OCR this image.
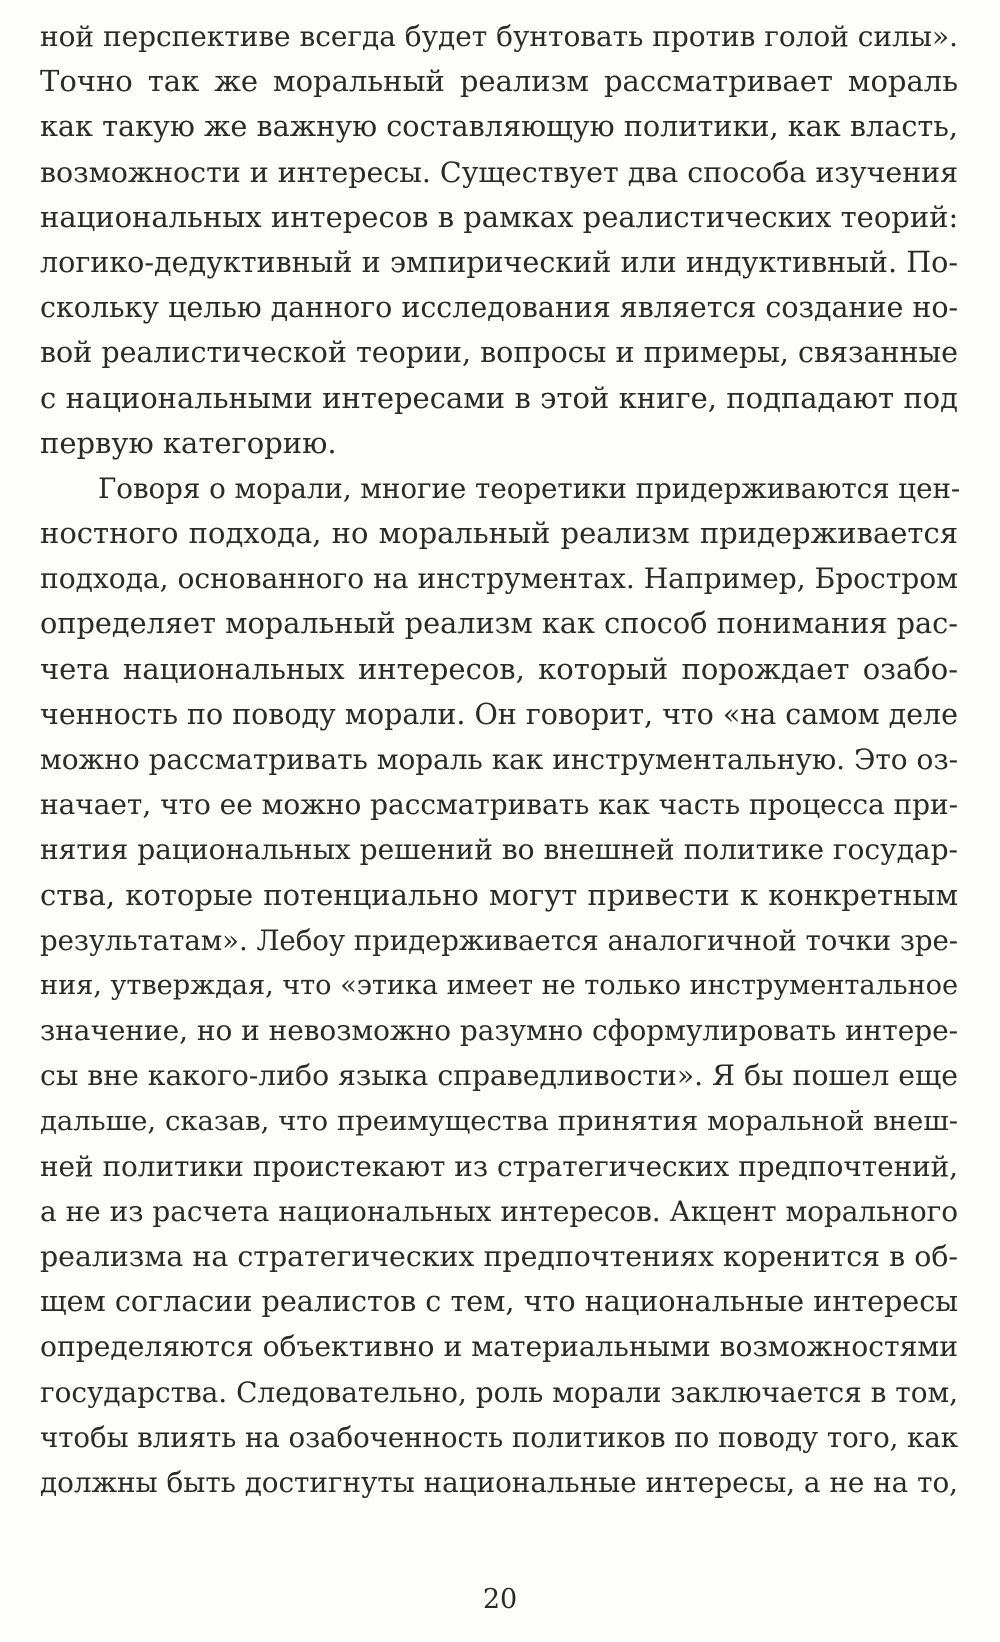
ной перспективе всегда будет бунтовать против голой силы».
Точно так же моральный реализм рассматривает мораль
как такую же важную составляющую политики, как власть,
возможности и интересы. Существует два способа изучения
национальных интересов в рамках реалистических теорий:
логико-дедуктивный и эмпирический или индуктивный. По-
скольку целью данного исследования является создание но-
вой реалистической теории, вопросы и примеры, связанные
с национальными интересами в этой книге, подпадают под
первую категорию.
Говоря о морали, многие теоретики придерживаются цен-
ностного подхода, но моральный реализм придерживается
подхода, основанного на инструментах. Например, Бростром
определяет моральный реализм как способ понимания рас-
чета национальных интересов, который порождает озабо-
ченность по поводу морали. Он говорит, что «на самом деле
можно рассматривать мораль как инструментальную. Это оз-
начает, что ее можно рассматривать как часть процесса при-
нятия рациональных решений во внешней политике государ-
ства, которые потенциально могут привести к конкретным
результатам». Лебоу придерживается аналогичной точки зре-
ния, утверждая, что «этика имеет не только инструментальное
значение, но и невозможно разумно сформулировать интере-
сы вне какого-либо языка справедливости». Я бы пошел еще
дальше, сказав, что преимущества принятия моральной внеш-
ней политики проистекают из стратегических предпочтений,
а не из расчета национальных интересов. Акцент морального
реализма на стратегических предпочтениях коренится в об-
щем согласии реалистов с тем, что национальные интересы
определяются объективно и материальными возможностями
государства. Следовательно, роль морали заключается в том,
чтобы влиять на озабоченность политиков по поводу того, как
должны быть достигнуты национальные интересы, а не на то,
20
